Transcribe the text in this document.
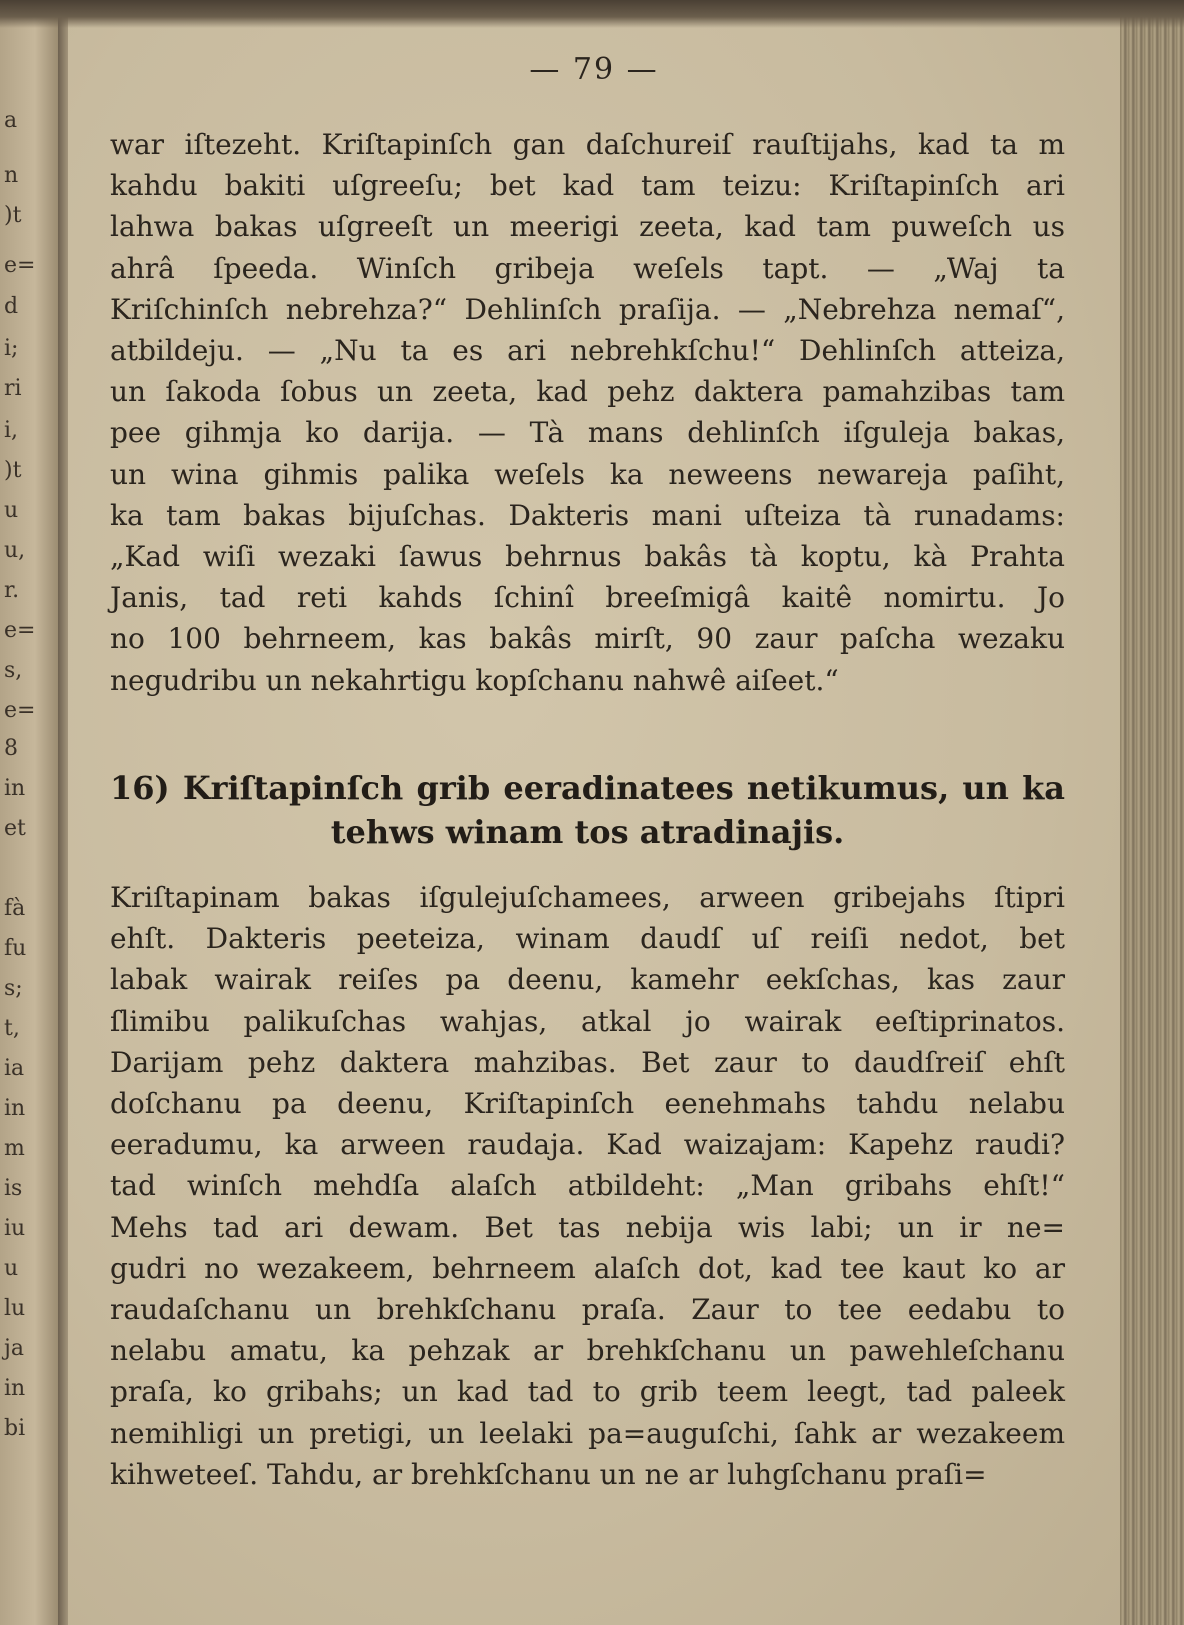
a
n
)t
e=
d
i;
ri
i,
)t
u
u,
r.
e=
s,
e=
8
in
et
fà
fu
s;
t,
ia
in
m
is
iu
u
lu
ja
in
bi
— 79 —
war iſtezeht. Kriſtapinſch gan daſchureiſ rauſtijahs, kad ta m
kahdu bakiti uſgreeſu; bet kad tam teizu: Kriſtapinſch ari
lahwa bakas uſgreeſt un meerigi zeeta, kad tam puweſch us
ahrâ ſpeeda. Winſch gribeja weſels tapt. — „Waj ta
Kriſchinſch nebrehza?“ Dehlinſch praſija. — „Nebrehza nemaſ“,
atbildeju. — „Nu ta es ari nebrehkſchu!“ Dehlinſch atteiza,
un ſakoda ſobus un zeeta, kad pehz daktera pamahzibas tam
pee gihmja ko darija. — Tà mans dehlinſch iſguleja bakas,
un wina gihmis palika weſels ka neweens newareja paſiht,
ka tam bakas bijuſchas. Dakteris mani uſteiza tà runadams:
„Kad wiſi wezaki ſawus behrnus bakâs tà koptu, kà Prahta
Janis, tad reti kahds ſchinî breeſmigâ kaitê nomirtu. Jo
no 100 behrneem, kas bakâs mirſt, 90 zaur paſcha wezaku
negudribu un nekahrtigu kopſchanu nahwê aiſeet.“
16) Kriſtapinſch grib eeradinatees netikumus, un ka
tehws winam tos atradinajis.
Kriſtapinam bakas iſgulejuſchamees, arween gribejahs ſtipri
ehſt. Dakteris peeteiza, winam daudſ uſ reiſi nedot, bet
labak wairak reiſes pa deenu, kamehr eekſchas, kas zaur
ſlimibu palikuſchas wahjas, atkal jo wairak eeſtiprinatos.
Darijam pehz daktera mahzibas. Bet zaur to daudſreiſ ehſt
doſchanu pa deenu, Kriſtapinſch eenehmahs tahdu nelabu
eeradumu, ka arween raudaja. Kad waizajam: Kapehz raudi?
tad winſch mehdſa alaſch atbildeht: „Man gribahs ehſt!“
Mehs tad ari dewam. Bet tas nebija wis labi; un ir ne=
gudri no wezakeem, behrneem alaſch dot, kad tee kaut ko ar
raudaſchanu un brehkſchanu praſa. Zaur to tee eedabu to
nelabu amatu, ka pehzak ar brehkſchanu un pawehleſchanu
praſa, ko gribahs; un kad tad to grib teem leegt, tad paleek
nemihligi un pretigi, un leelaki pa=auguſchi, ſahk ar wezakeem
kihweteeſ. Tahdu, ar brehkſchanu un ne ar luhgſchanu praſi=
